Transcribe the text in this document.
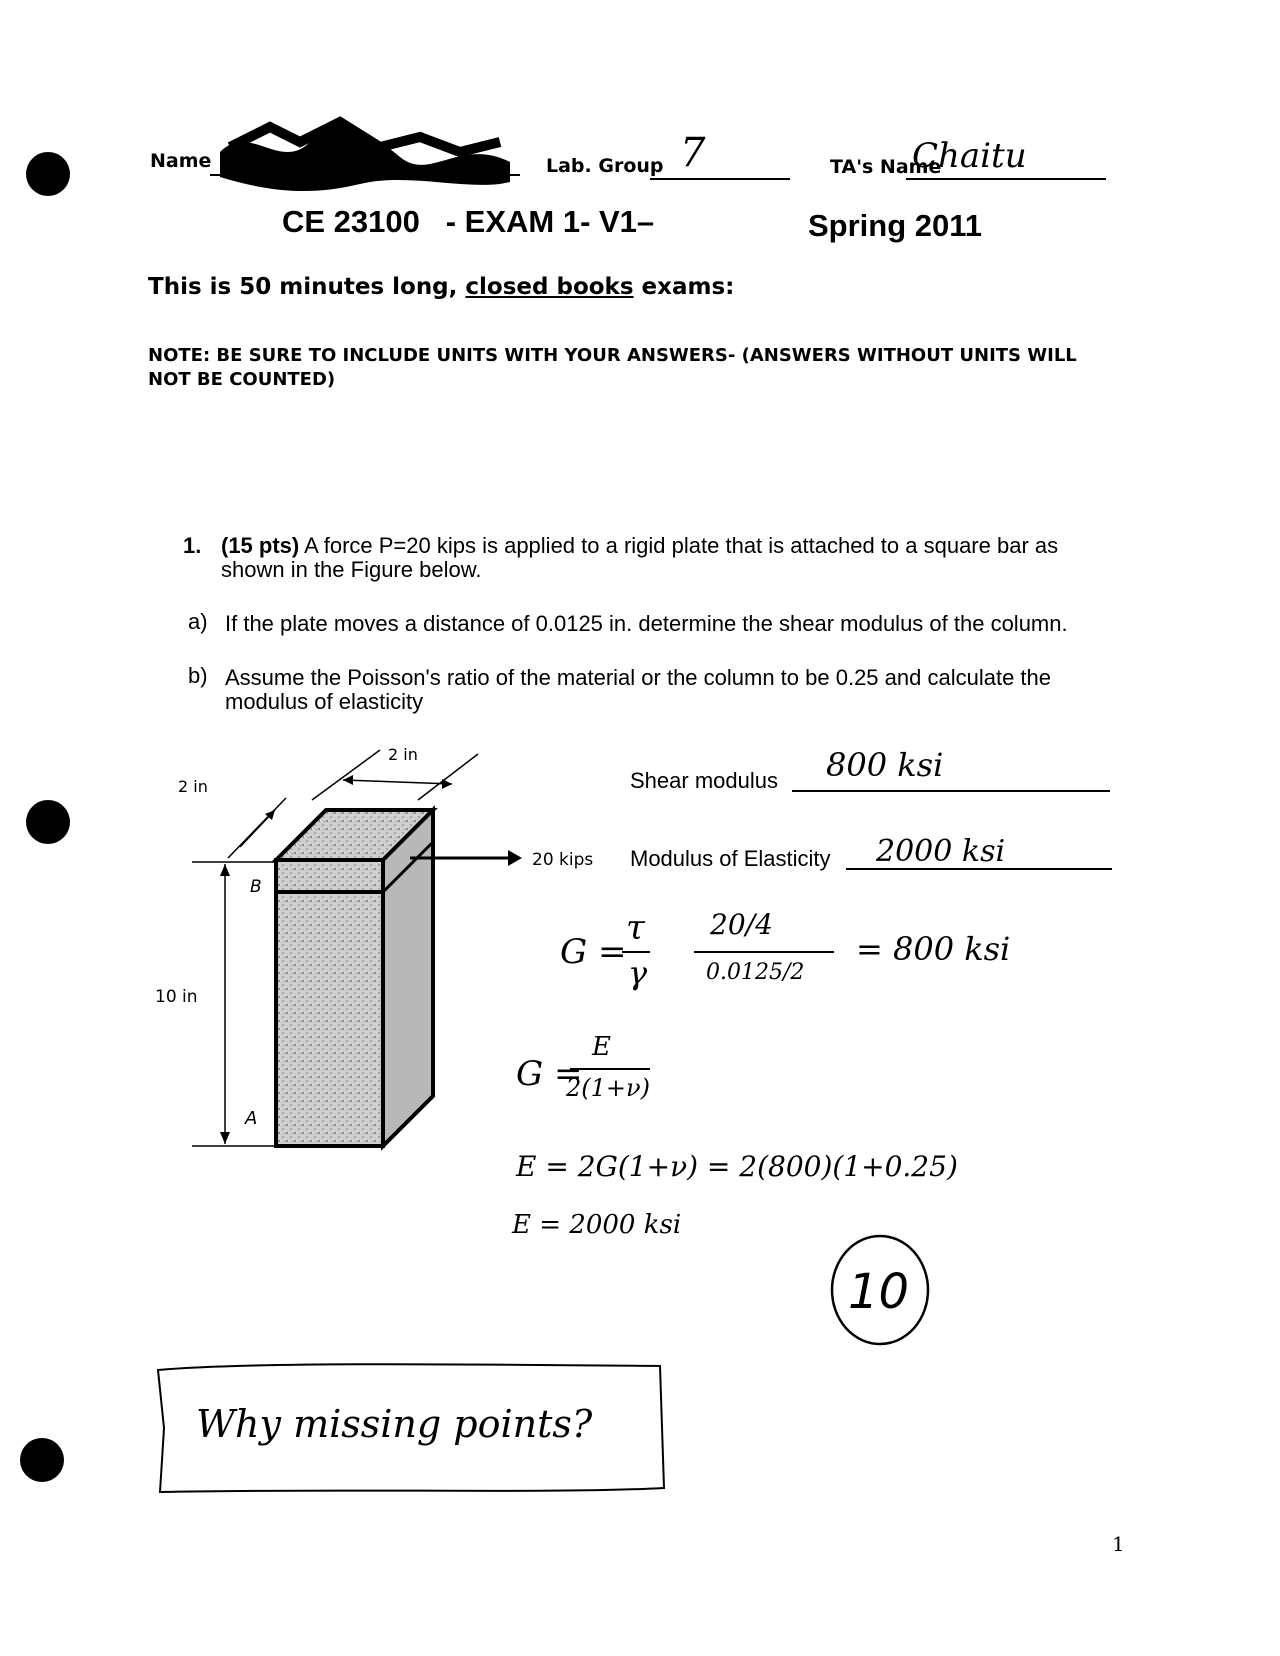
Name	Lab. Group 7	TA's Name
Chaitu
CE 23100   - EXAM 1- V1–	Spring 2011
This is 50 minutes long, closed books exams:
NOTE: BE SURE TO INCLUDE UNITS WITH YOUR ANSWERS- (ANSWERS WITHOUT UNITS WILL NOT BE COUNTED)
1. (15 pts) A force P=20 kips is applied to a rigid plate that is attached to a square bar as shown in the Figure below.
a) If the plate moves a distance of 0.0125 in. determine the shear modulus of the column.
b) Assume the Poisson's ratio of the material or the column to be 0.25 and calculate the modulus of elasticity
20 kips
2 in
2 in
10 in
B
A
Shear modulus 800 ksi
Modulus of Elasticity 2000 ksi
G =
τ
γ
20/4
0.0125/2
= 800 ksi
G =
E
2(1+ν)
E = 2G(1+ν) = 2(800)(1+0.25)
E = 2000 ksi
10
Why missing points?
1
